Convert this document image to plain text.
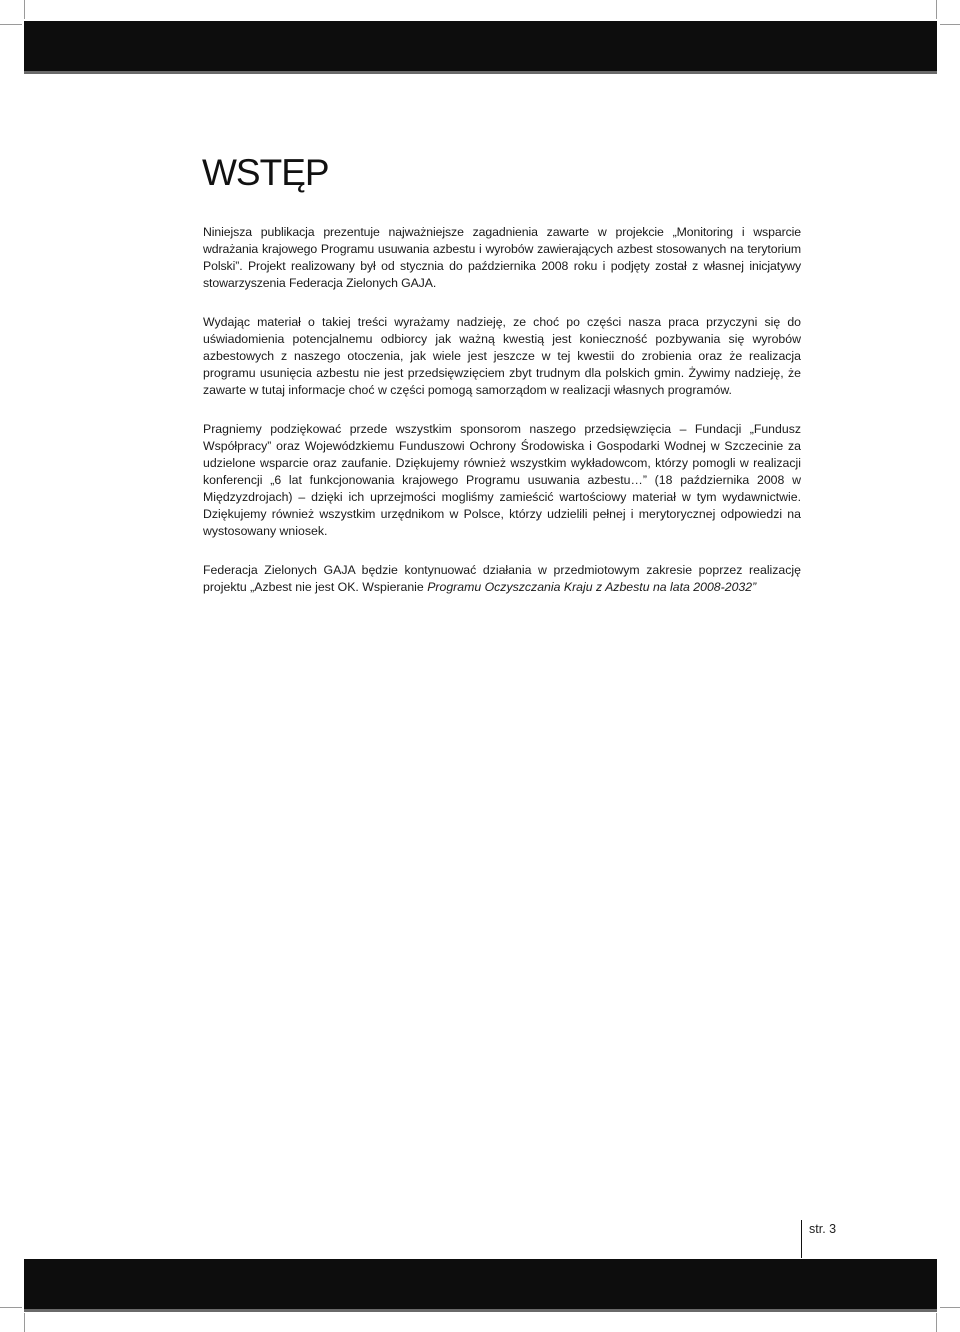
WSTĘP

Niniejsza publikacja prezentuje najważniejsze zagadnienia zawarte w projekcie „Monitoring i wsparcie wdrażania krajowego Programu usuwania azbestu i wyrobów zawierających azbest stosowanych na terytorium Polski”. Projekt realizowany był od stycznia do października 2008 roku i podjęty został z własnej inicjatywy stowarzyszenia Federacja Zielonych GAJA.

Wydając materiał o takiej treści wyrażamy nadzieję, ze choć po części nasza praca przyczyni się do uświadomienia potencjalnemu odbiorcy jak ważną kwestią jest konieczność pozbywania się wyrobów azbestowych z naszego otoczenia, jak wiele jest jeszcze w tej kwestii do zrobienia oraz że realizacja programu usunięcia azbestu nie jest przedsięwzięciem zbyt trudnym dla polskich gmin. Żywimy nadzieję, że zawarte w tutaj informacje choć w części pomogą samorządom w realizacji własnych programów.

Pragniemy podziękować przede wszystkim sponsorom naszego przedsięwzięcia – Fundacji „Fundusz Współpracy” oraz Wojewódzkiemu Funduszowi Ochrony Środowiska i Gospodarki Wodnej w Szczecinie za udzielone wsparcie oraz zaufanie. Dziękujemy również wszystkim wykładowcom, którzy pomogli w realizacji konferencji „6 lat funkcjonowania krajowego Programu usuwania azbestu…” (18 października 2008 w Międzyzdrojach) – dzięki ich uprzejmości mogliśmy zamieścić wartościowy materiał w tym wydawnictwie. Dziękujemy również wszystkim urzędnikom w Polsce, którzy udzielili pełnej i merytorycznej odpowiedzi na wystosowany wniosek.

Federacja Zielonych GAJA będzie kontynuować działania w przedmiotowym zakresie poprzez realizację projektu „Azbest nie jest OK. Wspieranie Programu Oczyszczania Kraju z Azbestu na lata 2008-2032”

str. 3
